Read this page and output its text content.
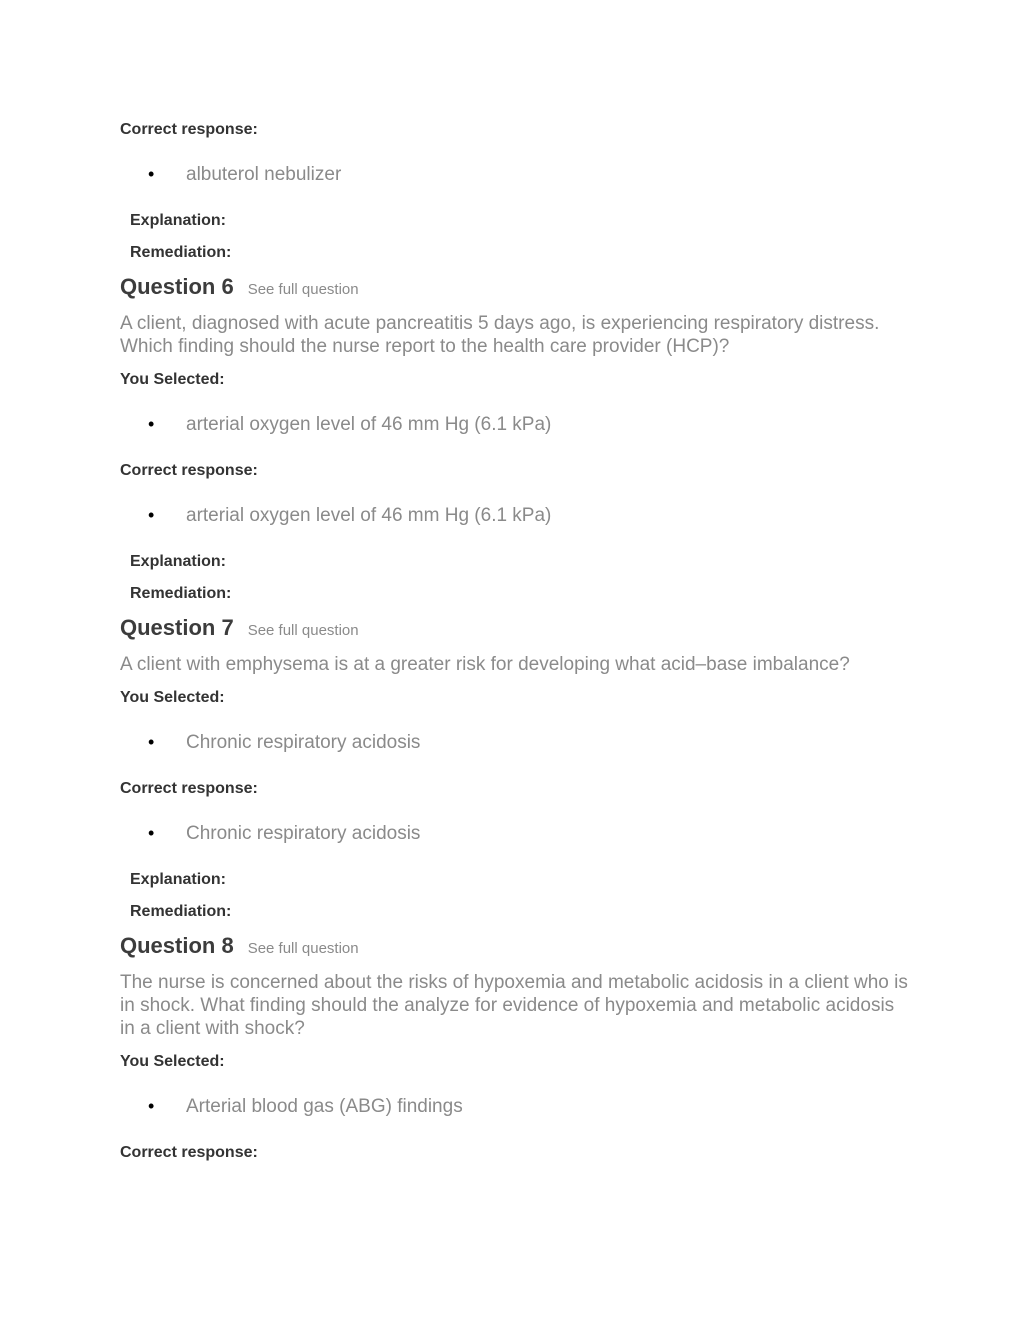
Correct response:
• albuterol nebulizer
Explanation:
Remediation:
Question 6 See full question
A client, diagnosed with acute pancreatitis 5 days ago, is experiencing respiratory distress. Which finding should the nurse report to the health care provider (HCP)?
You Selected:
• arterial oxygen level of 46 mm Hg (6.1 kPa)
Correct response:
• arterial oxygen level of 46 mm Hg (6.1 kPa)
Explanation:
Remediation:
Question 7 See full question
A client with emphysema is at a greater risk for developing what acid–base imbalance?
You Selected:
• Chronic respiratory acidosis
Correct response:
• Chronic respiratory acidosis
Explanation:
Remediation:
Question 8 See full question
The nurse is concerned about the risks of hypoxemia and metabolic acidosis in a client who is in shock. What finding should the analyze for evidence of hypoxemia and metabolic acidosis in a client with shock?
You Selected:
• Arterial blood gas (ABG) findings
Correct response:
